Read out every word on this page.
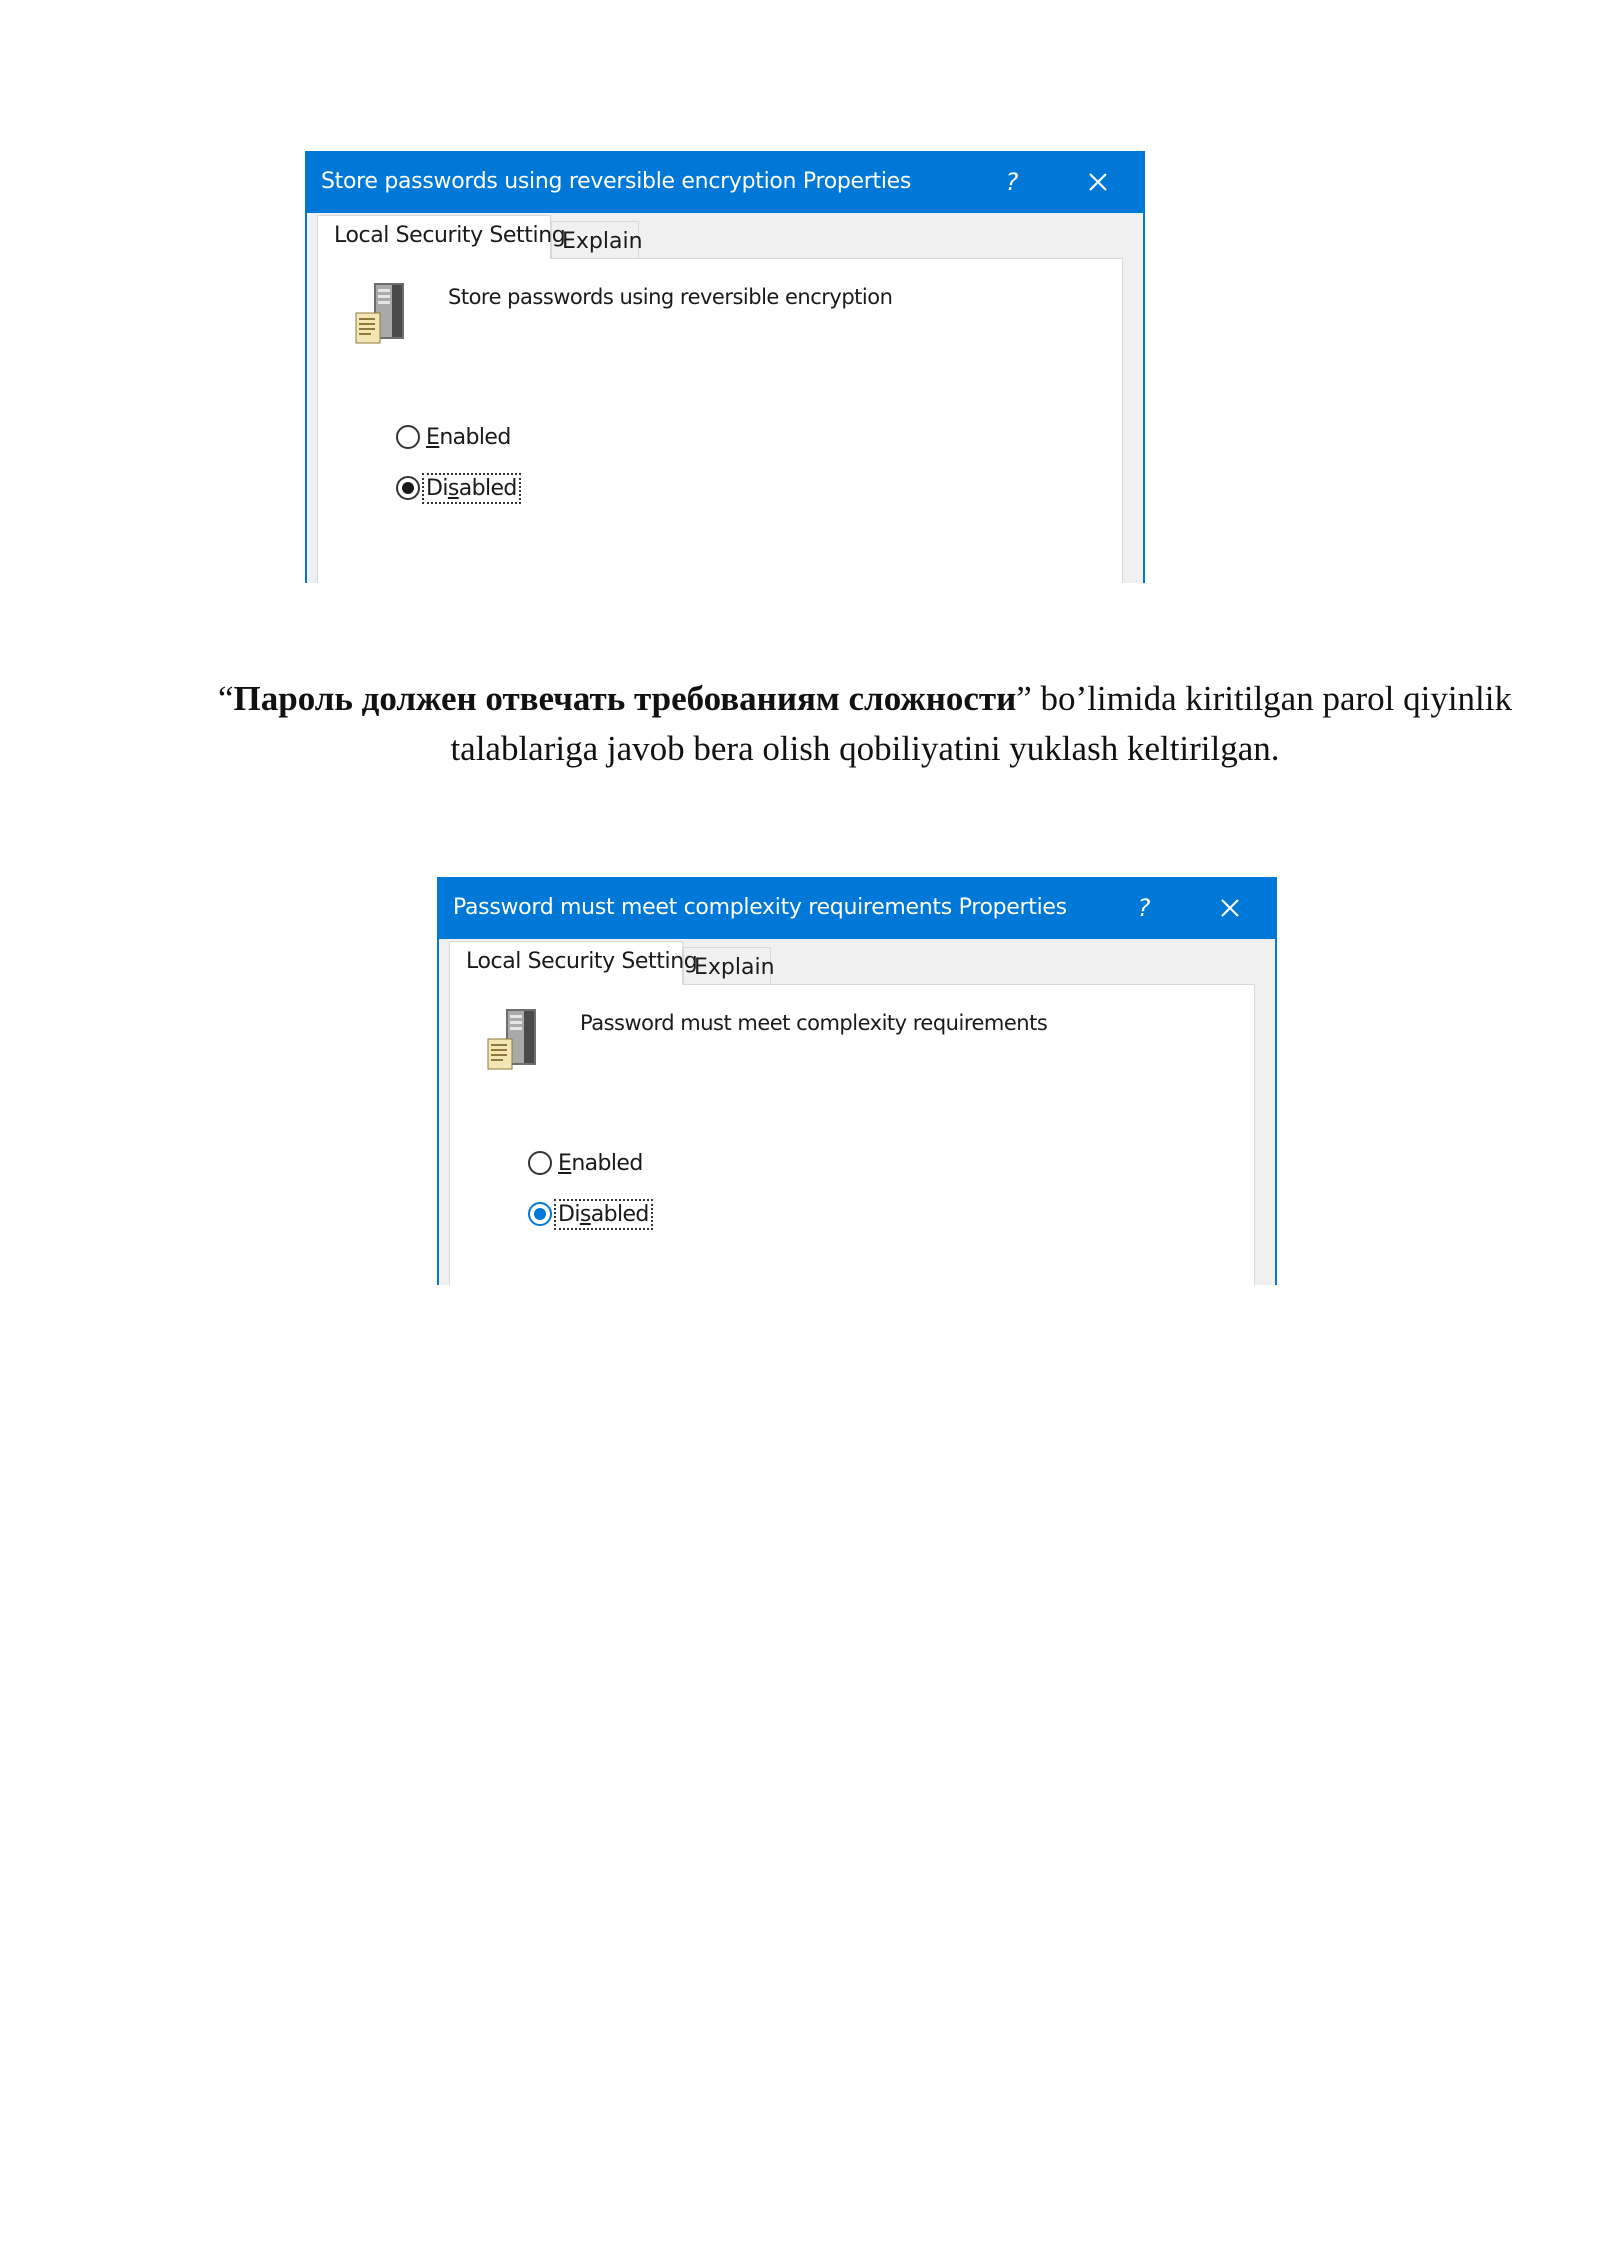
Store passwords using reversible encryption Properties	?
Local Security Setting
Explain
Store passwords using reversible encryption
Enabled
Disabled
“Пароль должен отвечать требованиям сложности” bo’limida kiritilgan parol qiyinlik talablariga javob bera olish qobiliyatini yuklash keltirilgan.
Password must meet complexity requirements Properties	?
Local Security Setting
Explain
Password must meet complexity requirements
Enabled
Disabled
